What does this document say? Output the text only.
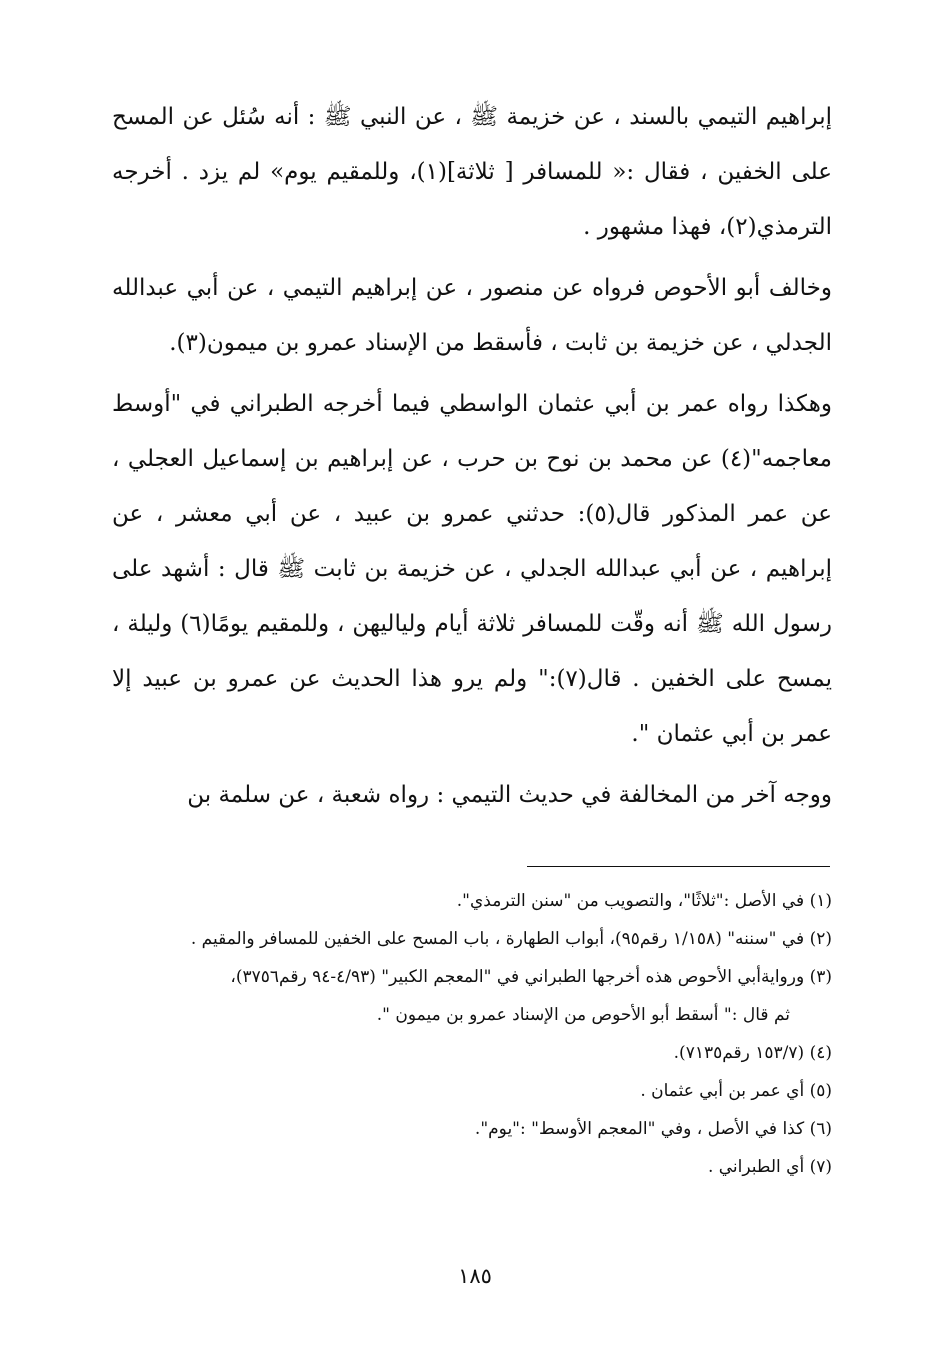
إبراهيم التيمي بالسند ، عن خزيمة ﷺ ، عن النبي ﷺ : أنه سُئل عن المسح على الخفين ، فقال :« للمسافر [ ثلاثة](١)، وللمقيم يوم» لم يزد . أخرجه الترمذي(٢)، فهذا مشهور .

وخالف أبو الأحوص فرواه عن منصور ، عن إبراهيم التيمي ، عن أبي عبدالله الجدلي ، عن خزيمة بن ثابت ، فأسقط من الإسناد عمرو بن ميمون(٣).

وهكذا رواه عمر بن أبي عثمان الواسطي فيما أخرجه الطبراني في "أوسط معاجمه"(٤) عن محمد بن نوح بن حرب ، عن إبراهيم بن إسماعيل العجلي ، عن عمر المذكور قال(٥): حدثني عمرو بن عبيد ، عن أبي معشر ، عن إبراهيم ، عن أبي عبدالله الجدلي ، عن خزيمة بن ثابت ﷺ قال : أشهد على رسول الله ﷺ أنه وقّت للمسافر ثلاثة أيام ولياليهن ، وللمقيم يومًا(٦) وليلة ، يمسح على الخفين . قال(٧):" ولم يرو هذا الحديث عن عمرو بن عبيد إلا عمر بن أبي عثمان ".

ووجه آخر من المخالفة في حديث التيمي : رواه شعبة ، عن سلمة بن

(١) في الأصل :"ثلاثًا"، والتصويب من "سنن الترمذي".

(٢) في "سننه" (١/١٥٨ رقم٩٥)، أبواب الطهارة ، باب المسح على الخفين للمسافر والمقيم .

(٣) وروايةأبي الأحوص هذه أخرجها الطبراني في "المعجم الكبير" (٤/٩٣-٩٤ رقم٣٧٥٦)،

ثم قال :" أسقط أبو الأحوص من الإسناد عمرو بن ميمون ".

(٤) (١٥٣/٧ رقم٧١٣٥).

(٥) أي عمر بن أبي عثمان .

(٦) كذا في الأصل ، وفي "المعجم الأوسط" :"يوم".

(٧) أي الطبراني .

١٨٥
